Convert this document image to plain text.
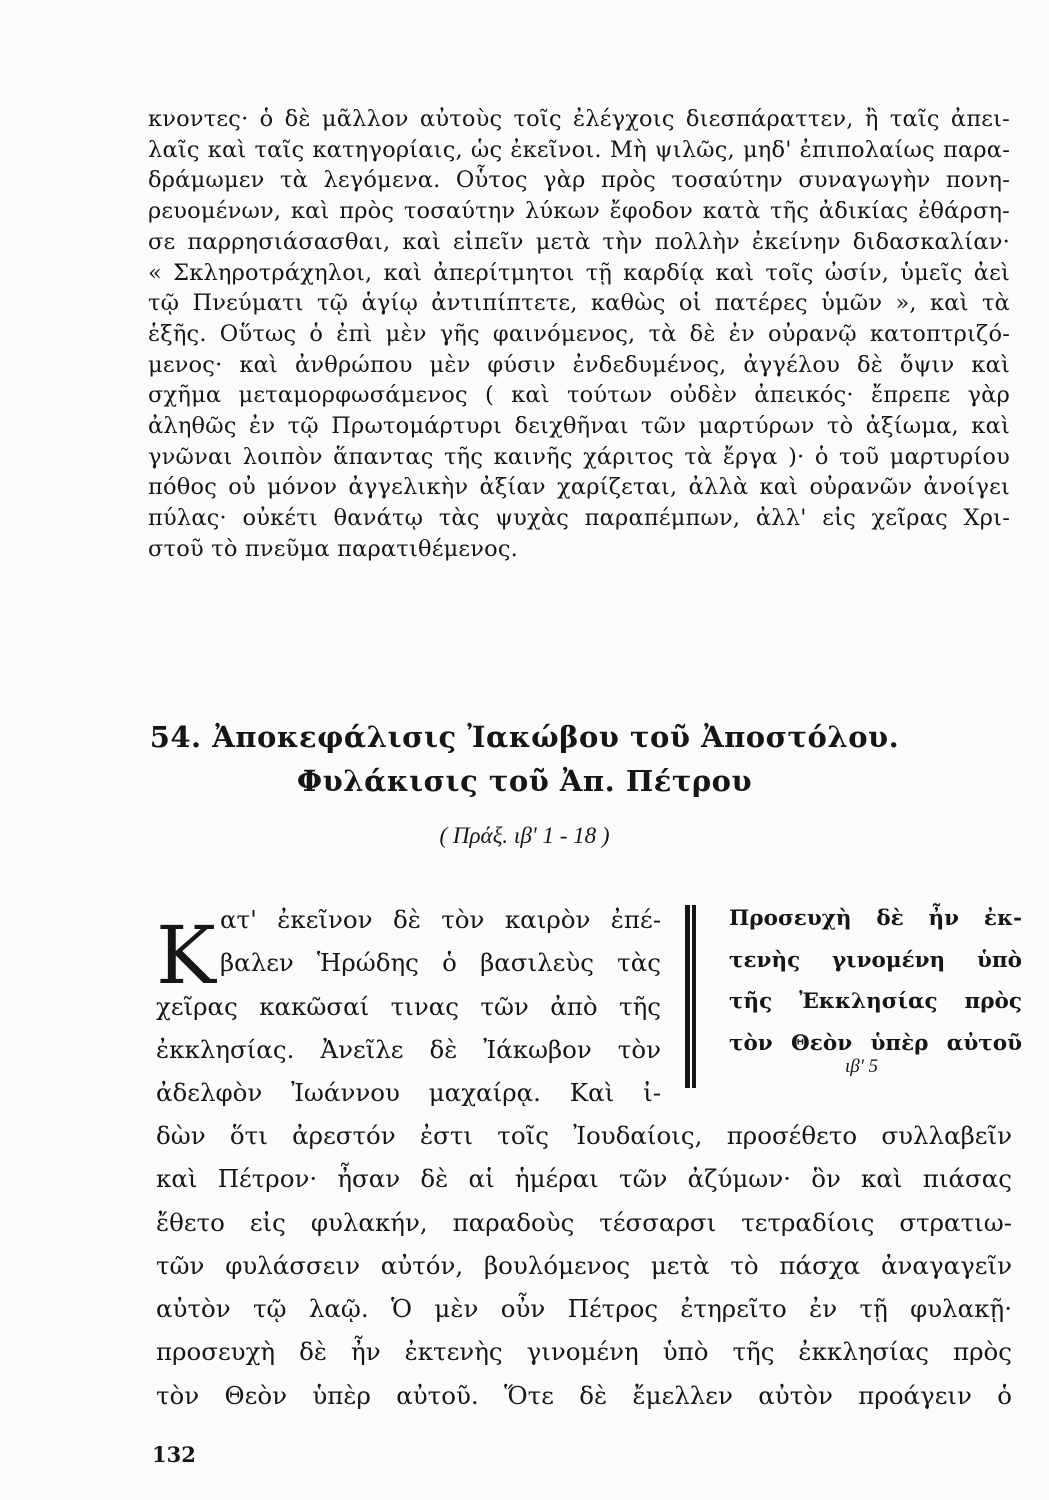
κνοντες· ὁ δὲ μᾶλλον αὐτοὺς τοῖς ἐλέγχοις διεσπάραττεν, ἢ ταῖς ἀπει-
λαῖς καὶ ταῖς κατηγορίαις, ὡς ἐκεῖνοι. Μὴ ψιλῶς, μηδ' ἐπιπολαίως παρα-
δράμωμεν τὰ λεγόμενα. Οὗτος γὰρ πρὸς τοσαύτην συναγωγὴν πονη-
ρευομένων, καὶ πρὸς τοσαύτην λύκων ἔφοδον κατὰ τῆς ἀδικίας ἐθάρση-
σε παρρησιάσασθαι, καὶ εἰπεῖν μετὰ τὴν πολλὴν ἐκείνην διδασκαλίαν·
« Σκληροτράχηλοι, καὶ ἀπερίτμητοι τῇ καρδίᾳ καὶ τοῖς ὠσίν, ὑμεῖς ἀεὶ
τῷ Πνεύματι τῷ ἁγίῳ ἀντιπίπτετε, καθὼς οἱ πατέρες ὑμῶν », καὶ τὰ
ἑξῆς. Οὕτως ὁ ἐπὶ μὲν γῆς φαινόμενος, τὰ δὲ ἐν οὐρανῷ κατοπτριζό-
μενος· καὶ ἀνθρώπου μὲν φύσιν ἐνδεδυμένος, ἀγγέλου δὲ ὄψιν καὶ
σχῆμα μεταμορφωσάμενος ( καὶ τούτων οὐδὲν ἀπεικός· ἔπρεπε γὰρ
ἀληθῶς ἐν τῷ Πρωτομάρτυρι δειχθῆναι τῶν μαρτύρων τὸ ἀξίωμα, καὶ
γνῶναι λοιπὸν ἅπαντας τῆς καινῆς χάριτος τὰ ἔργα )· ὁ τοῦ μαρτυρίου
πόθος οὐ μόνον ἀγγελικὴν ἀξίαν χαρίζεται, ἀλλὰ καὶ οὐρανῶν ἀνοίγει
πύλας· οὐκέτι θανάτῳ τὰς ψυχὰς παραπέμπων, ἀλλ' εἰς χεῖρας Χρι-
στοῦ τὸ πνεῦμα παρατιθέμενος.
54. Ἀποκεφάλισις Ἰακώβου τοῦ Ἀποστόλου.
Φυλάκισις τοῦ Ἀπ. Πέτρου
( Πράξ. ιβ' 1 - 18 )
Κ ατ' ἐκεῖνον δὲ τὸν καιρὸν ἐπέ-
βαλεν Ἡρώδης ὁ βασιλεὺς τὰς
χεῖρας κακῶσαί τινας τῶν ἀπὸ τῆς
ἐκκλησίας. Ἀνεῖλε δὲ Ἰάκωβον τὸν
ἀδελφὸν Ἰωάννου μαχαίρᾳ. Καὶ ἰ-
Προσευχὴ δὲ ἦν ἐκ-
τενὴς γινομένη ὑπὸ
τῆς Ἐκκλησίας πρὸς
τὸν Θεὸν ὑπὲρ αὐτοῦ
ιβ' 5
δὼν ὅτι ἀρεστόν ἐστι τοῖς Ἰουδαίοις, προσέθετο συλλαβεῖν
καὶ Πέτρον· ἦσαν δὲ αἱ ἡμέραι τῶν ἀζύμων· ὃν καὶ πιάσας
ἔθετο εἰς φυλακήν, παραδοὺς τέσσαρσι τετραδίοις στρατιω-
τῶν φυλάσσειν αὐτόν, βουλόμενος μετὰ τὸ πάσχα ἀναγαγεῖν
αὐτὸν τῷ λαῷ. Ὁ μὲν οὖν Πέτρος ἐτηρεῖτο ἐν τῇ φυλακῇ·
προσευχὴ δὲ ἦν ἐκτενὴς γινομένη ὑπὸ τῆς ἐκκλησίας πρὸς
τὸν Θεὸν ὑπὲρ αὐτοῦ. Ὅτε δὲ ἔμελλεν αὐτὸν προάγειν ὁ
132
